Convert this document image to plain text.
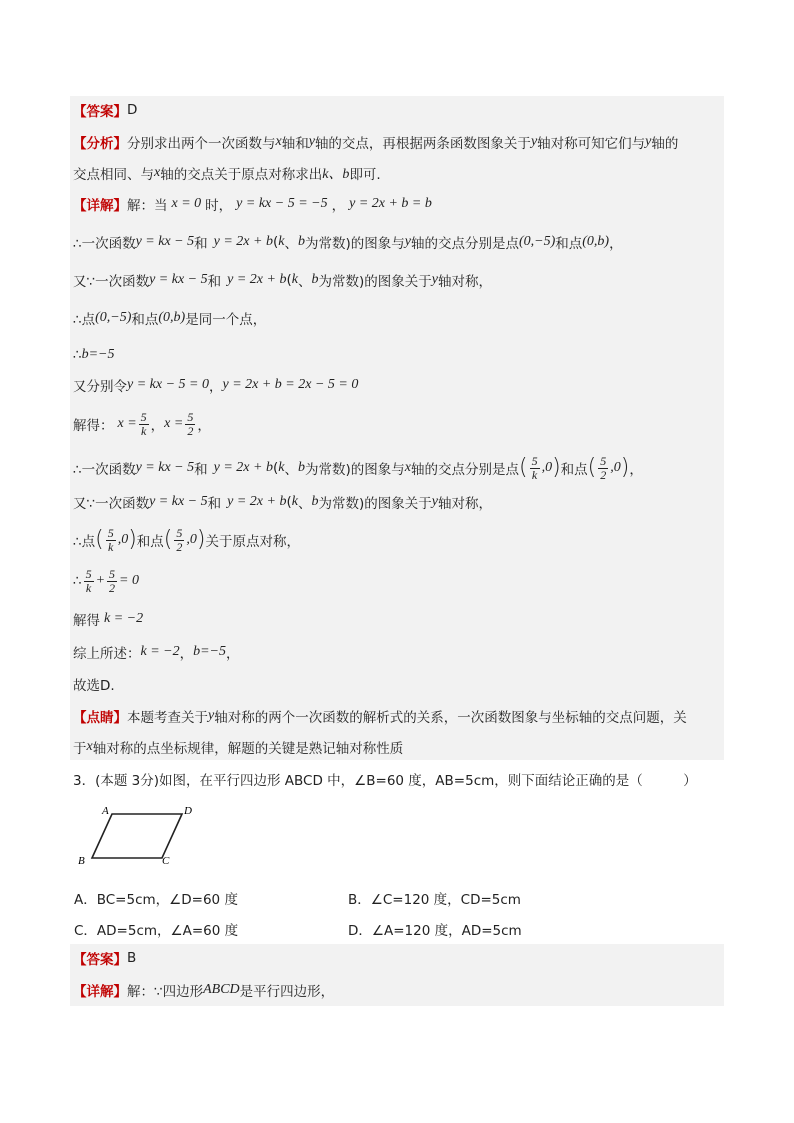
【答案】 D
【分析】 分别求出两个一次函数与 x 轴和 y 轴的交点，再根据两条函数图象关于 y 轴对称可知它们与 y 轴的
交点相同、与 x 轴的交点关于原点对称求出 k、b 即可.
【详解】 解：当 x = 0 时， y = kx − 5 = −5 ， y = 2x + b = b
∴一次函数 y = kx − 5 和 y = 2x + b ( k 、 b 为常数)的图象与 y 轴的交点分别是点 (0,−5) 和点 (0,b) ，
又∵一次函数 y = kx − 5 和 y = 2x + b ( k 、 b 为常数)的图象关于 y 轴对称，
∴点 (0,−5) 和点 (0,b) 是同一个点，
∴ b=−5
又分别令 y = kx − 5 = 0 ， y = 2x + b = 2x − 5 = 0
解得： $x = \frac{5}{k}$ ， $x = \frac{5}{2}$ ，
∴一次函数 y = kx − 5 和 y = 2x + b ( k 、 b 为常数)的图象与 x 轴的交点分别是点 ( $\frac{5}{k} ,0$ ) 和点 ( $\frac{5}{2} ,0$ ) ，
又∵一次函数 y = kx − 5 和 y = 2x + b ( k 、 b 为常数)的图象关于 y 轴对称，
∴点 ( $\frac{5}{k} ,0$ ) 和点 ( $\frac{5}{2} ,0$ ) 关于原点对称，
∴ $\frac{5}{k} + \frac{5}{2} = 0$
解得 k = −2
综上所述： k = −2 ， b=−5 ，
故选D.
【点睛】 本题考查关于 y 轴对称的两个一次函数的解析式的关系，一次函数图象与坐标轴的交点问题，关
于 x 轴对称的点坐标规律，解题的关键是熟记轴对称性质
3．(本题 3分)如图，在平行四边形 ABCD 中，∠B=60 度，AB=5cm，则下面结论正确的是（　　　）
A	D
B	C
A．BC=5cm，∠D=60 度	B．∠C=120 度，CD=5cm
C．AD=5cm，∠A=60 度	D．∠A=120 度，AD=5cm
【答案】 B
【详解】 解：∵四边形 ABCD 是平行四边形，
